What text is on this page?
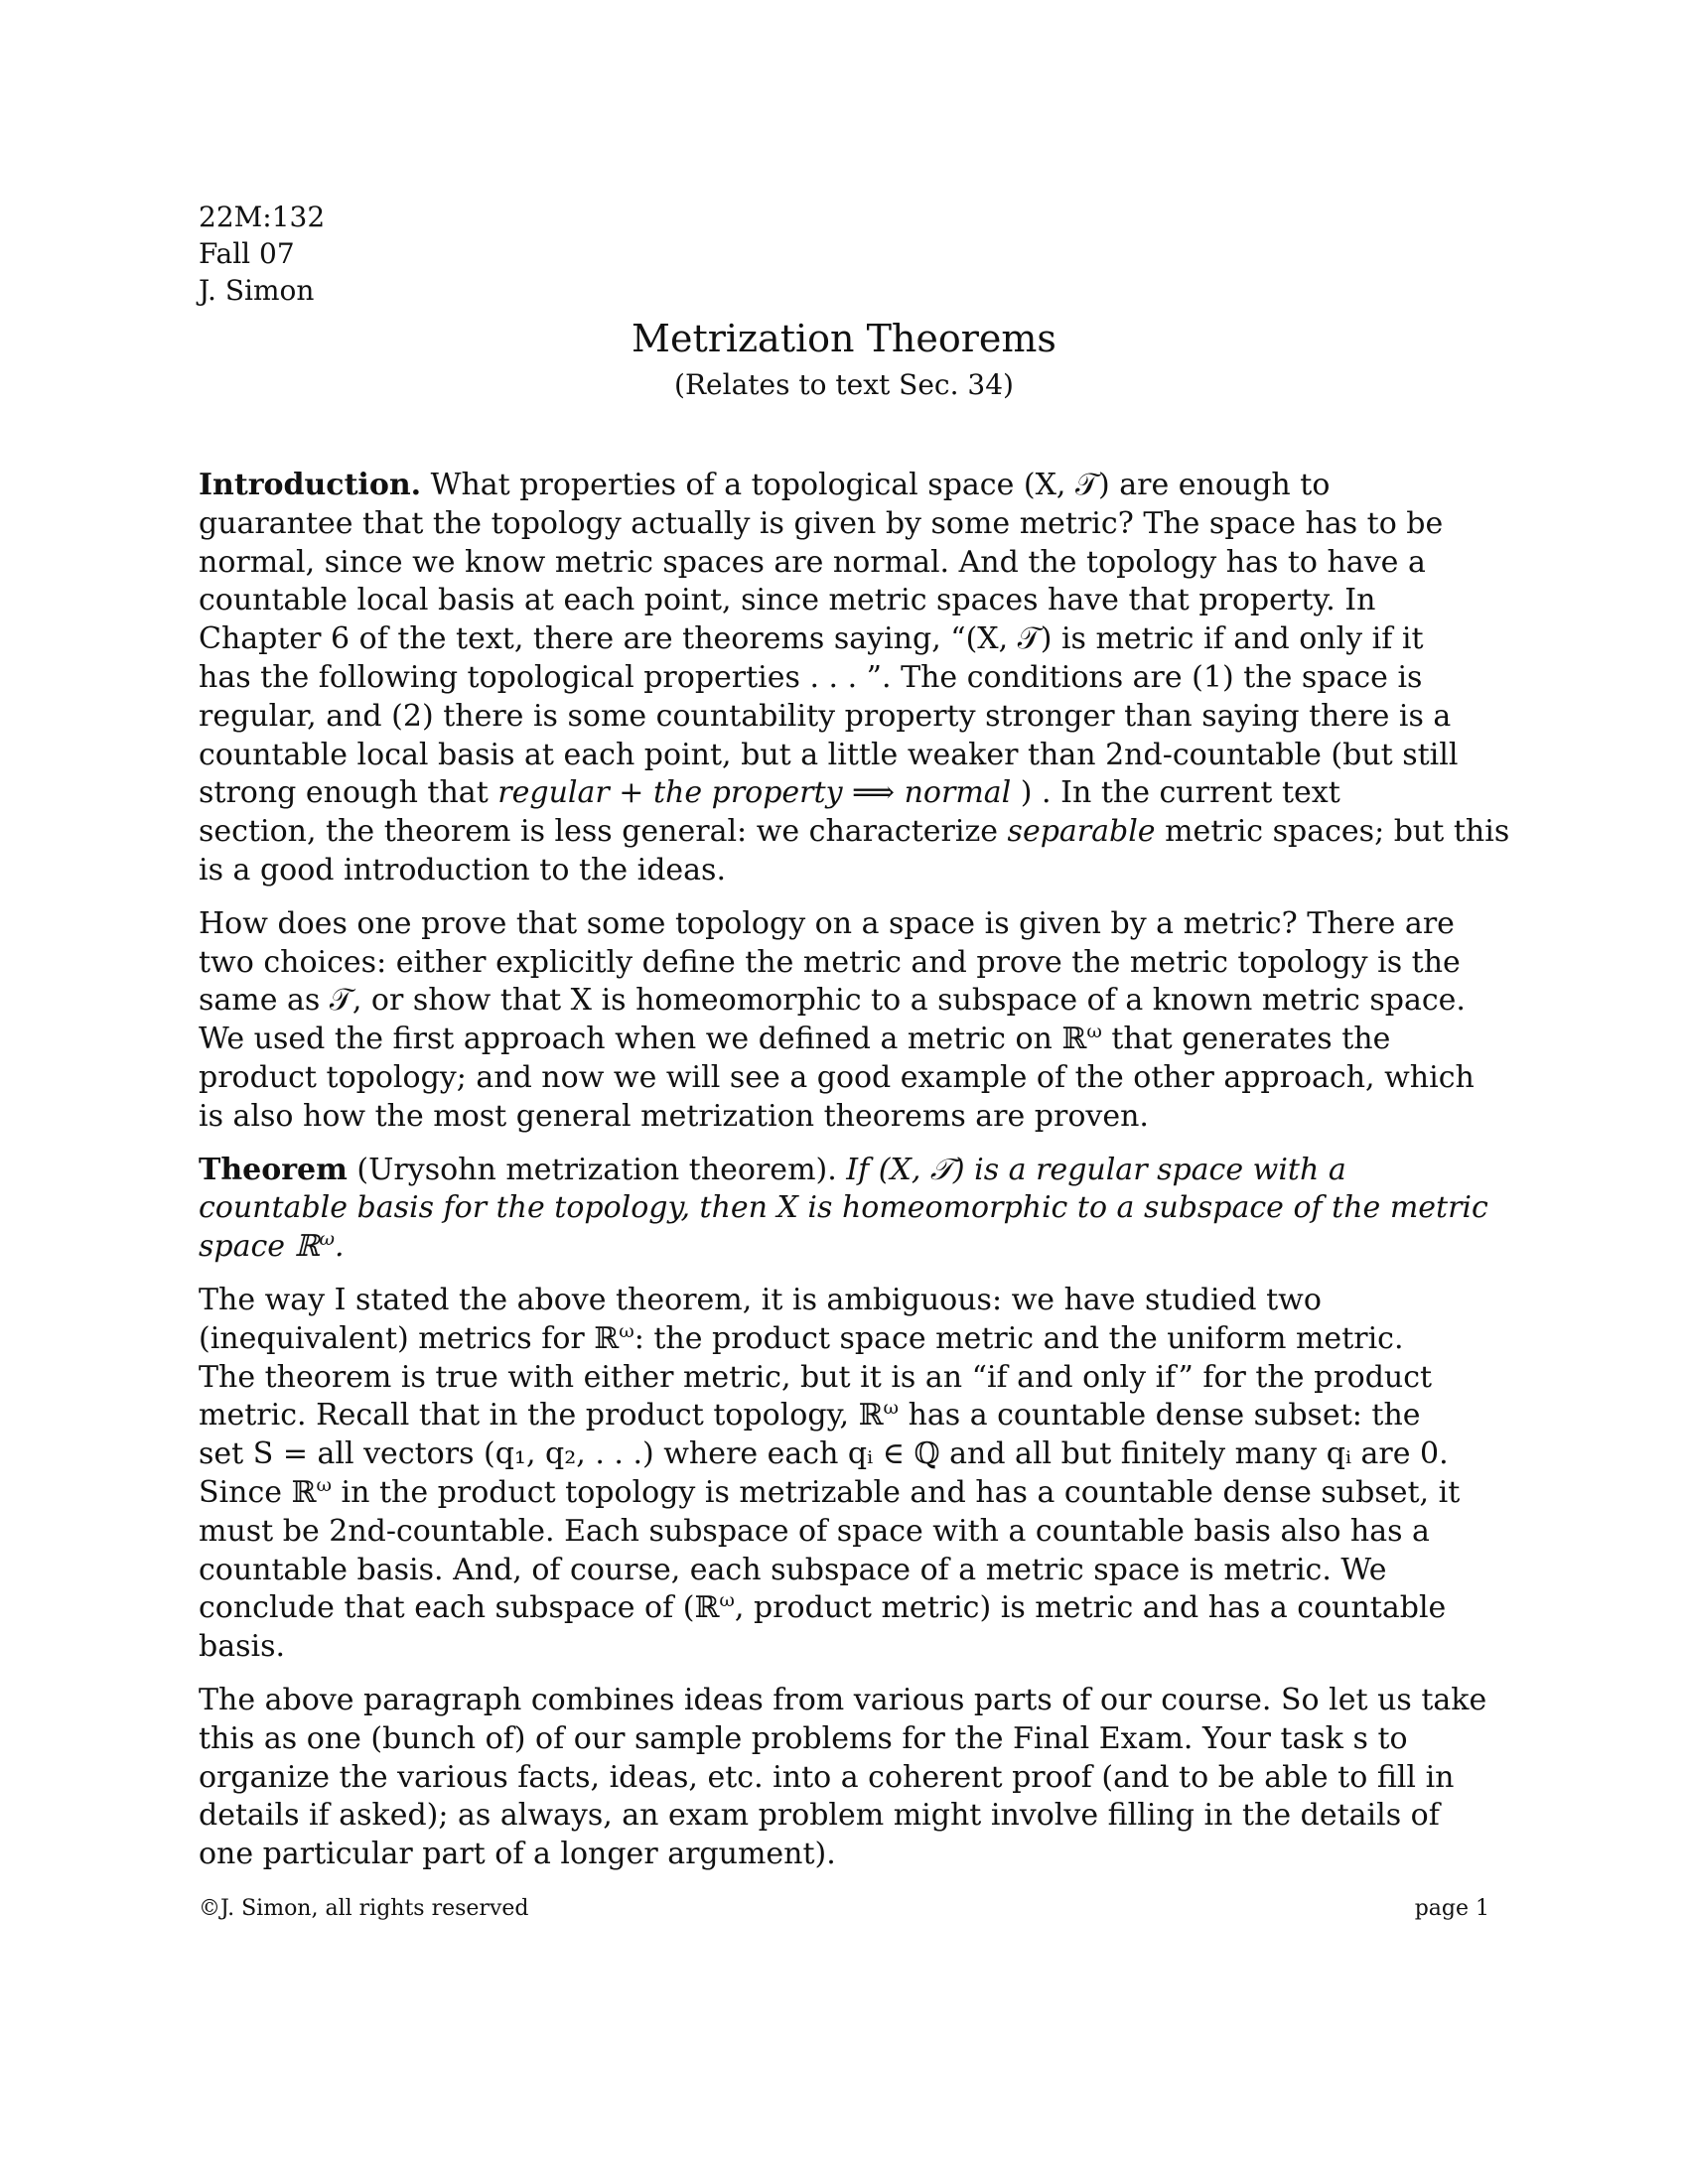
22M:132
Fall 07
J. Simon
Metrization Theorems
(Relates to text Sec. 34)
Introduction. What properties of a topological space (X, 𝒯) are enough to
guarantee that the topology actually is given by some metric? The space has to be
normal, since we know metric spaces are normal. And the topology has to have a
countable local basis at each point, since metric spaces have that property. In
Chapter 6 of the text, there are theorems saying, “(X, 𝒯) is metric if and only if it
has the following topological properties . . . ”. The conditions are (1) the space is
regular, and (2) there is some countability property stronger than saying there is a
countable local basis at each point, but a little weaker than 2nd-countable (but still
strong enough that regular + the property ⟹ normal ) . In the current text
section, the theorem is less general: we characterize separable metric spaces; but this
is a good introduction to the ideas.
How does one prove that some topology on a space is given by a metric? There are
two choices: either explicitly define the metric and prove the metric topology is the
same as 𝒯, or show that X is homeomorphic to a subspace of a known metric space.
We used the first approach when we defined a metric on ℝ$^\omega$ that generates the
product topology; and now we will see a good example of the other approach, which
is also how the most general metrization theorems are proven.
Theorem (Urysohn metrization theorem). If (X, 𝒯) is a regular space with a
countable basis for the topology, then X is homeomorphic to a subspace of the metric
space ℝ$^\omega$.
The way I stated the above theorem, it is ambiguous: we have studied two
(inequivalent) metrics for ℝ$^\omega$: the product space metric and the uniform metric.
The theorem is true with either metric, but it is an “if and only if” for the product
metric. Recall that in the product topology, ℝ$^\omega$ has a countable dense subset: the
set S = all vectors (q₁, q₂, . . .) where each qᵢ ∈ ℚ and all but finitely many qᵢ are 0.
Since ℝ$^\omega$ in the product topology is metrizable and has a countable dense subset, it
must be 2nd-countable. Each subspace of space with a countable basis also has a
countable basis. And, of course, each subspace of a metric space is metric. We
conclude that each subspace of (ℝ$^\omega$, product metric) is metric and has a countable
basis.
The above paragraph combines ideas from various parts of our course. So let us take
this as one (bunch of) of our sample problems for the Final Exam. Your task s to
organize the various facts, ideas, etc. into a coherent proof (and to be able to fill in
details if asked); as always, an exam problem might involve filling in the details of
one particular part of a longer argument).
©J. Simon, all rights reserved	page 1
